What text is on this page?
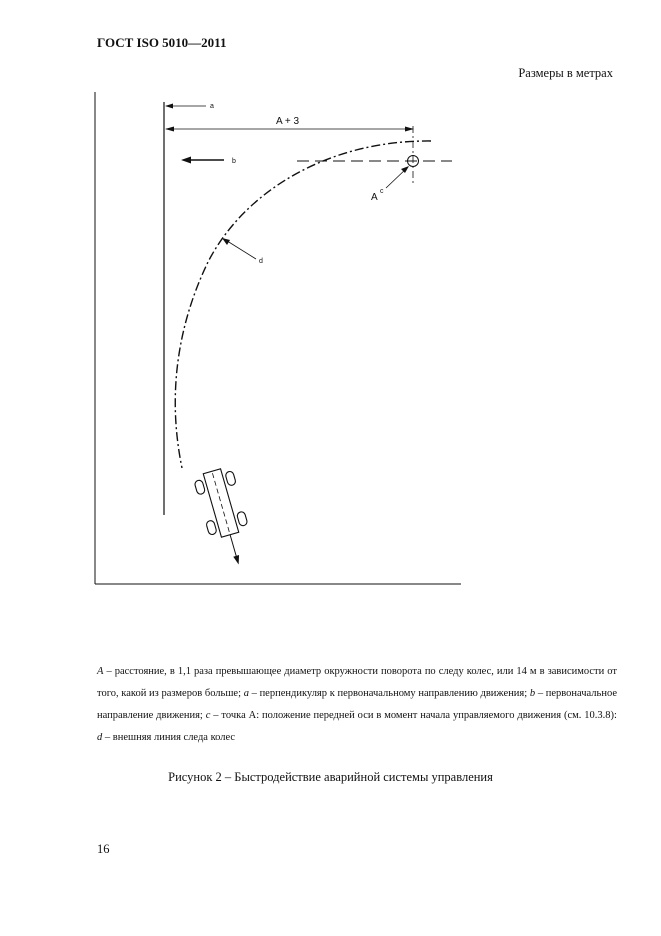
ГОСТ ISO 5010—2011
Размеры в метрах
a
A + 3
b
A
c
d
A – расстояние, в 1,1 раза превышающее диаметр окружности поворота по следу колес, или 14 м в зависимости от того, какой из размеров больше; a – перпендикуляр к первоначальному направлению движения; b – первоначальное направление движения; c – точка А: положение передней оси в момент начала управляемого движения (см. 10.3.8): d – внешняя линия следа колес
Рисунок 2 – Быстродействие аварийной системы управления
16
